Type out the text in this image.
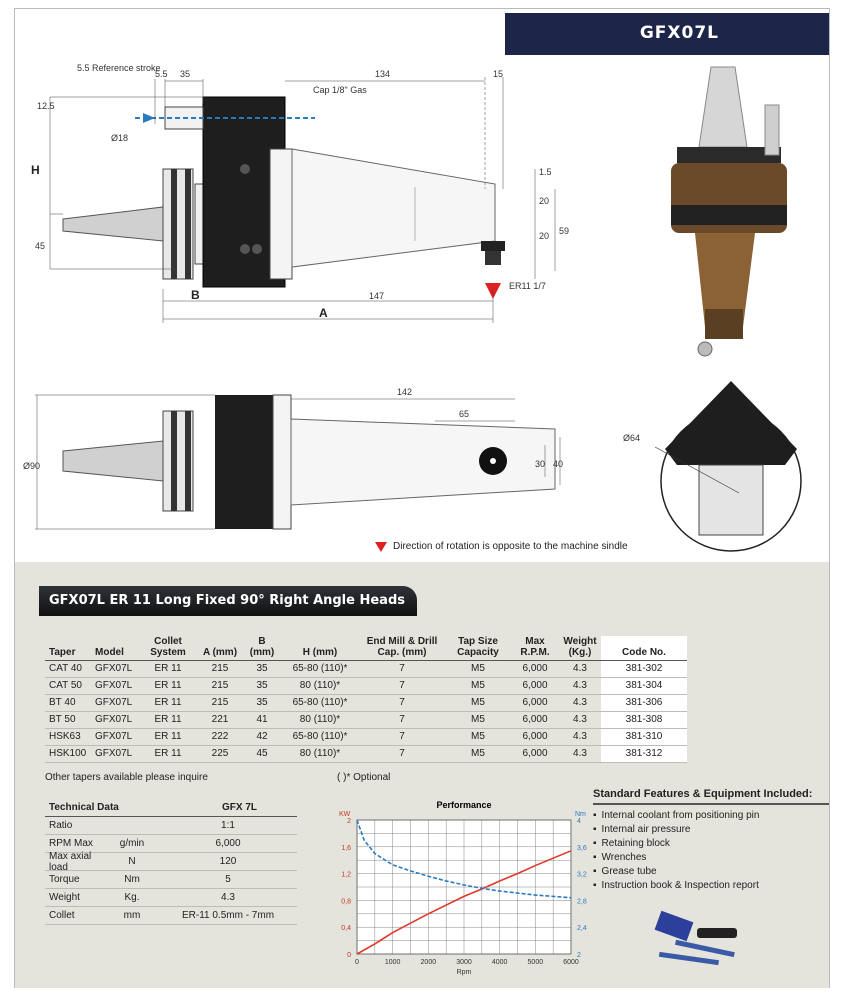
GFX07L
5.5 Reference stroke
5.5 35	134	15
12.5
Ø18
Cap 1/8" Gas
H
45
B	147
A
1.5
20
20 59
ER11 1/7
Ø90
142
65
30 40
Ø64
Direction of rotation is opposite to the machine sindle
GFX07L ER 11 Long Fixed 90° Right Angle Heads
Taper	Model	Collet System	A (mm)	B (mm)	H (mm)	End Mill & Drill Cap. (mm)	Tap Size Capacity	Max R.P.M.	Weight (Kg.)	Code No.
CAT 40	GFX07L	ER 11	215	35	65-80 (110)*	7	M5	6,000	4.3	381-302
CAT 50	GFX07L	ER 11	215	35	80 (110)*	7	M5	6,000	4.3	381-304
BT 40	GFX07L	ER 11	215	35	65-80 (110)*	7	M5	6,000	4.3	381-306
BT 50	GFX07L	ER 11	221	41	80 (110)*	7	M5	6,000	4.3	381-308
HSK63	GFX07L	ER 11	222	42	65-80 (110)*	7	M5	6,000	4.3	381-310
HSK100	GFX07L	ER 11	225	45	80 (110)*	7	M5	6,000	4.3	381-312
Other tapers available please inquire	( )* Optional
Technical Data	GFX 7L
Ratio	1:1
RPM Max	g/min	6,000
Max axial load	N	120
Torque	Nm	5
Weight	Kg.	4.3
Collet	mm	ER-11 0.5mm - 7mm
Performance
0	1000	2000	3000	4000	5000	6000
0
0,4
0,8
1,2
1,6
2
2
2,4
2,8
3,2
3,6
4
Rpm
KW	Nm
Standard Features & Equipment Included:
▪ Internal coolant from positioning pin
▪ Internal air pressure
▪ Retaining block
▪ Wrenches
▪ Grease tube
▪ Instruction book & Inspection report
